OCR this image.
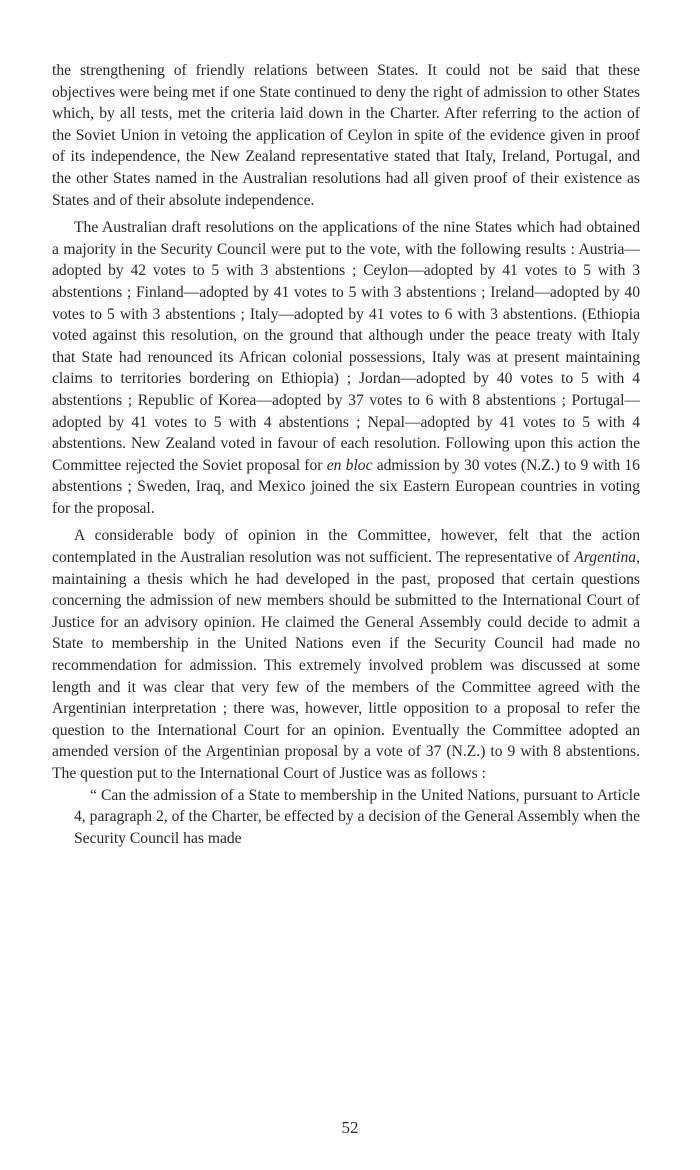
the strengthening of friendly relations between States. It could not be said that these objectives were being met if one State continued to deny the right of admission to other States which, by all tests, met the criteria laid down in the Charter. After referring to the action of the Soviet Union in vetoing the application of Ceylon in spite of the evidence given in proof of its independence, the New Zealand representative stated that Italy, Ireland, Portugal, and the other States named in the Australian resolutions had all given proof of their existence as States and of their absolute independence.

The Australian draft resolutions on the applications of the nine States which had obtained a majority in the Security Council were put to the vote, with the following results : Austria—adopted by 42 votes to 5 with 3 abstentions ; Ceylon—adopted by 41 votes to 5 with 3 abstentions ; Finland—adopted by 41 votes to 5 with 3 abstentions ; Ireland—adopted by 40 votes to 5 with 3 abstentions ; Italy—adopted by 41 votes to 6 with 3 abstentions. (Ethiopia voted against this resolution, on the ground that although under the peace treaty with Italy that State had renounced its African colonial possessions, Italy was at present maintaining claims to territories bordering on Ethiopia) ; Jordan—adopted by 40 votes to 5 with 4 abstentions ; Republic of Korea—adopted by 37 votes to 6 with 8 abstentions ; Portugal—adopted by 41 votes to 5 with 4 abstentions ; Nepal—adopted by 41 votes to 5 with 4 abstentions. New Zealand voted in favour of each resolution. Following upon this action the Committee rejected the Soviet proposal for en bloc admission by 30 votes (N.Z.) to 9 with 16 abstentions ; Sweden, Iraq, and Mexico joined the six Eastern European countries in voting for the proposal.

A considerable body of opinion in the Committee, however, felt that the action contemplated in the Australian resolution was not sufficient. The representative of Argentina, maintaining a thesis which he had developed in the past, proposed that certain questions concerning the admission of new members should be submitted to the International Court of Justice for an advisory opinion. He claimed the General Assembly could decide to admit a State to membership in the United Nations even if the Security Council had made no recommendation for admission. This extremely involved problem was discussed at some length and it was clear that very few of the members of the Committee agreed with the Argentinian interpretation ; there was, however, little opposition to a proposal to refer the question to the International Court for an opinion. Eventually the Committee adopted an amended version of the Argentinian proposal by a vote of 37 (N.Z.) to 9 with 8 abstentions. The question put to the International Court of Justice was as follows :

“ Can the admission of a State to membership in the United Nations, pursuant to Article 4, paragraph 2, of the Charter, be effected by a decision of the General Assembly when the Security Council has made

52
